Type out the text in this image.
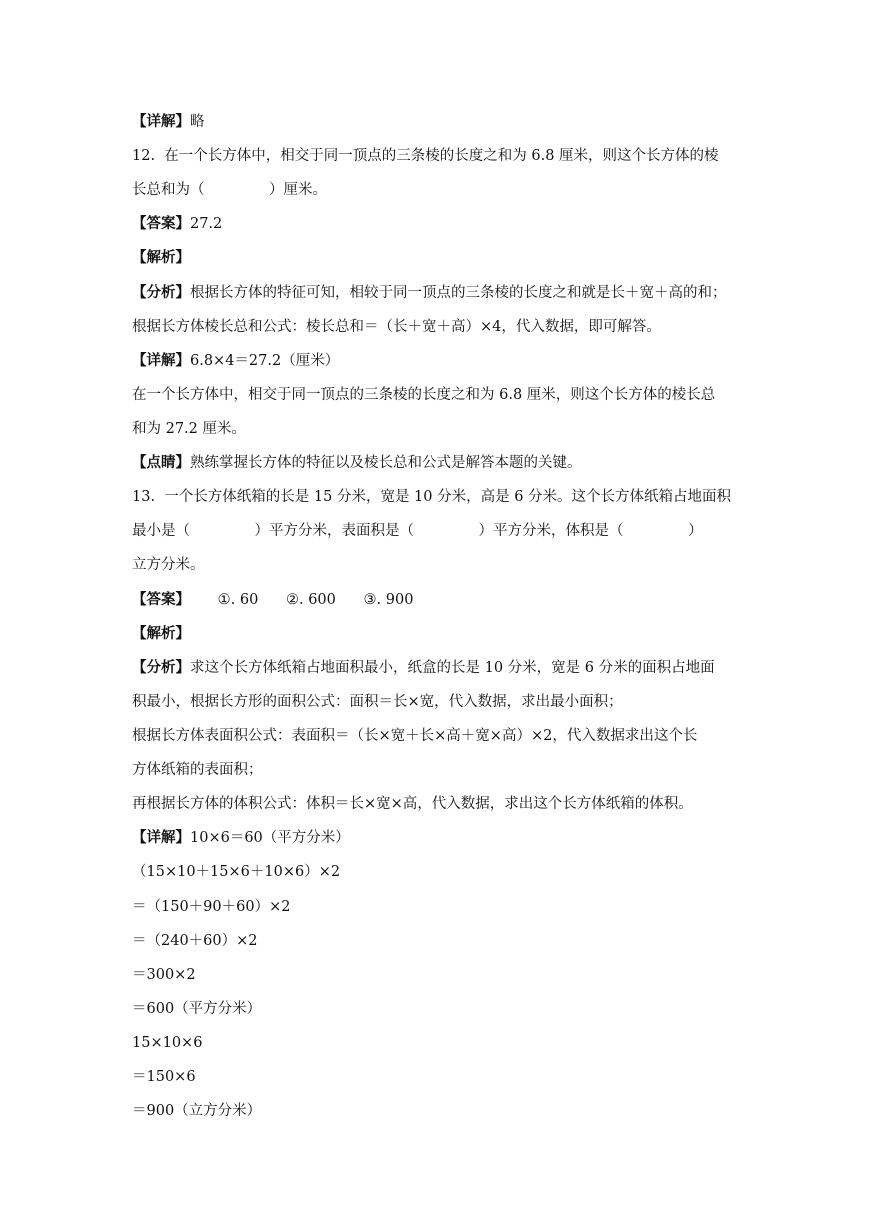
【详解】略
12.  在一个长方体中，相交于同一顶点的三条棱的长度之和为 6.8 厘米，则这个长方体的棱
长总和为（              ）厘米。
【答案】27.2
【解析】
【分析】根据长方体的特征可知，相较于同一顶点的三条棱的长度之和就是长＋宽＋高的和；
根据长方体棱长总和公式：棱长总和＝（长＋宽＋高）×4，代入数据，即可解答。
【详解】6.8×4＝27.2（厘米）
在一个长方体中，相交于同一顶点的三条棱的长度之和为 6.8 厘米，则这个长方体的棱长总
和为 27.2 厘米。
【点睛】熟练掌握长方体的特征以及棱长总和公式是解答本题的关键。
13.  一个长方体纸箱的长是 15 分米，宽是 10 分米，高是 6 分米。这个长方体纸箱占地面积
最小是（              ）平方分米，表面积是（              ）平方分米，体积是（              ）
立方分米。
【答案】      ①. 60      ②. 600      ③. 900
【解析】
【分析】求这个长方体纸箱占地面积最小，纸盒的长是 10 分米，宽是 6 分米的面积占地面
积最小，根据长方形的面积公式：面积＝长×宽，代入数据，求出最小面积；
根据长方体表面积公式：表面积＝（长×宽＋长×高＋宽×高）×2，代入数据求出这个长
方体纸箱的表面积；
再根据长方体的体积公式：体积＝长×宽×高，代入数据，求出这个长方体纸箱的体积。
【详解】10×6＝60（平方分米）
（15×10＋15×6＋10×6）×2
＝（150＋90＋60）×2
＝（240＋60）×2
＝300×2
＝600（平方分米）
15×10×6
＝150×6
＝900（立方分米）
